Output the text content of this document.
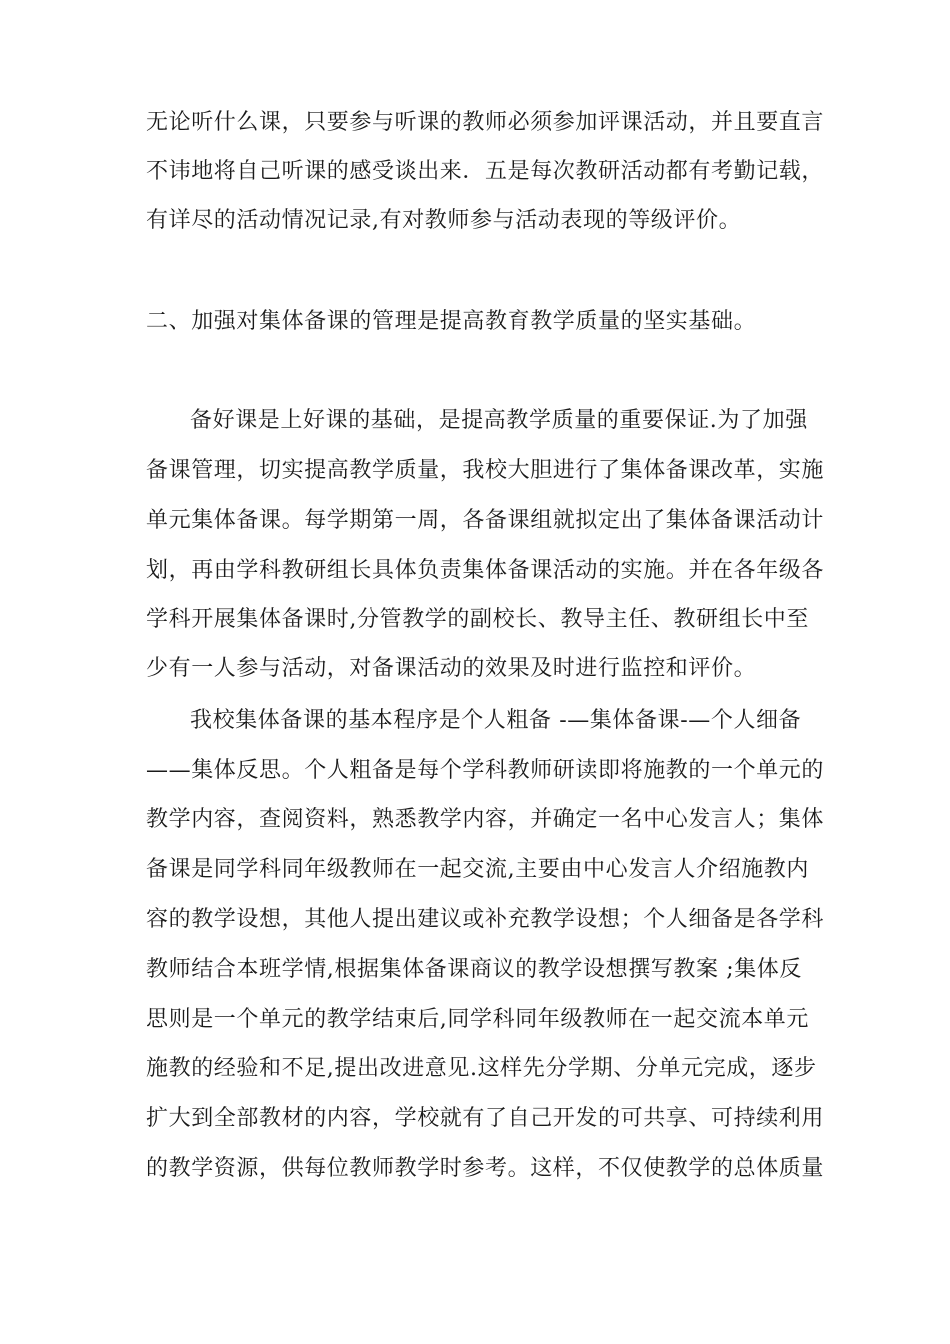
无论听什么课，只要参与听课的教师必须参加评课活动，并且要直言
不讳地将自己听课的感受谈出来．五是每次教研活动都有考勤记载，
有详尽的活动情况记录,有对教师参与活动表现的等级评价。
二、加强对集体备课的管理是提高教育教学质量的坚实基础。
备好课是上好课的基础，是提高教学质量的重要保证.为了加强
备课管理，切实提高教学质量，我校大胆进行了集体备课改革，实施
单元集体备课。每学期第一周，各备课组就拟定出了集体备课活动计
划，再由学科教研组长具体负责集体备课活动的实施。并在各年级各
学科开展集体备课时,分管教学的副校长、教导主任、教研组长中至
少有一人参与活动，对备课活动的效果及时进行监控和评价。
我校集体备课的基本程序是个人粗备 -—集体备课-—个人细备
——集体反思。个人粗备是每个学科教师研读即将施教的一个单元的
教学内容，查阅资料，熟悉教学内容，并确定一名中心发言人；集体
备课是同学科同年级教师在一起交流,主要由中心发言人介绍施教内
容的教学设想，其他人提出建议或补充教学设想；个人细备是各学科
教师结合本班学情,根据集体备课商议的教学设想撰写教案 ;集体反
思则是一个单元的教学结束后,同学科同年级教师在一起交流本单元
施教的经验和不足,提出改进意见.这样先分学期、分单元完成，逐步
扩大到全部教材的内容，学校就有了自己开发的可共享、可持续利用
的教学资源，供每位教师教学时参考。这样，不仅使教学的总体质量
